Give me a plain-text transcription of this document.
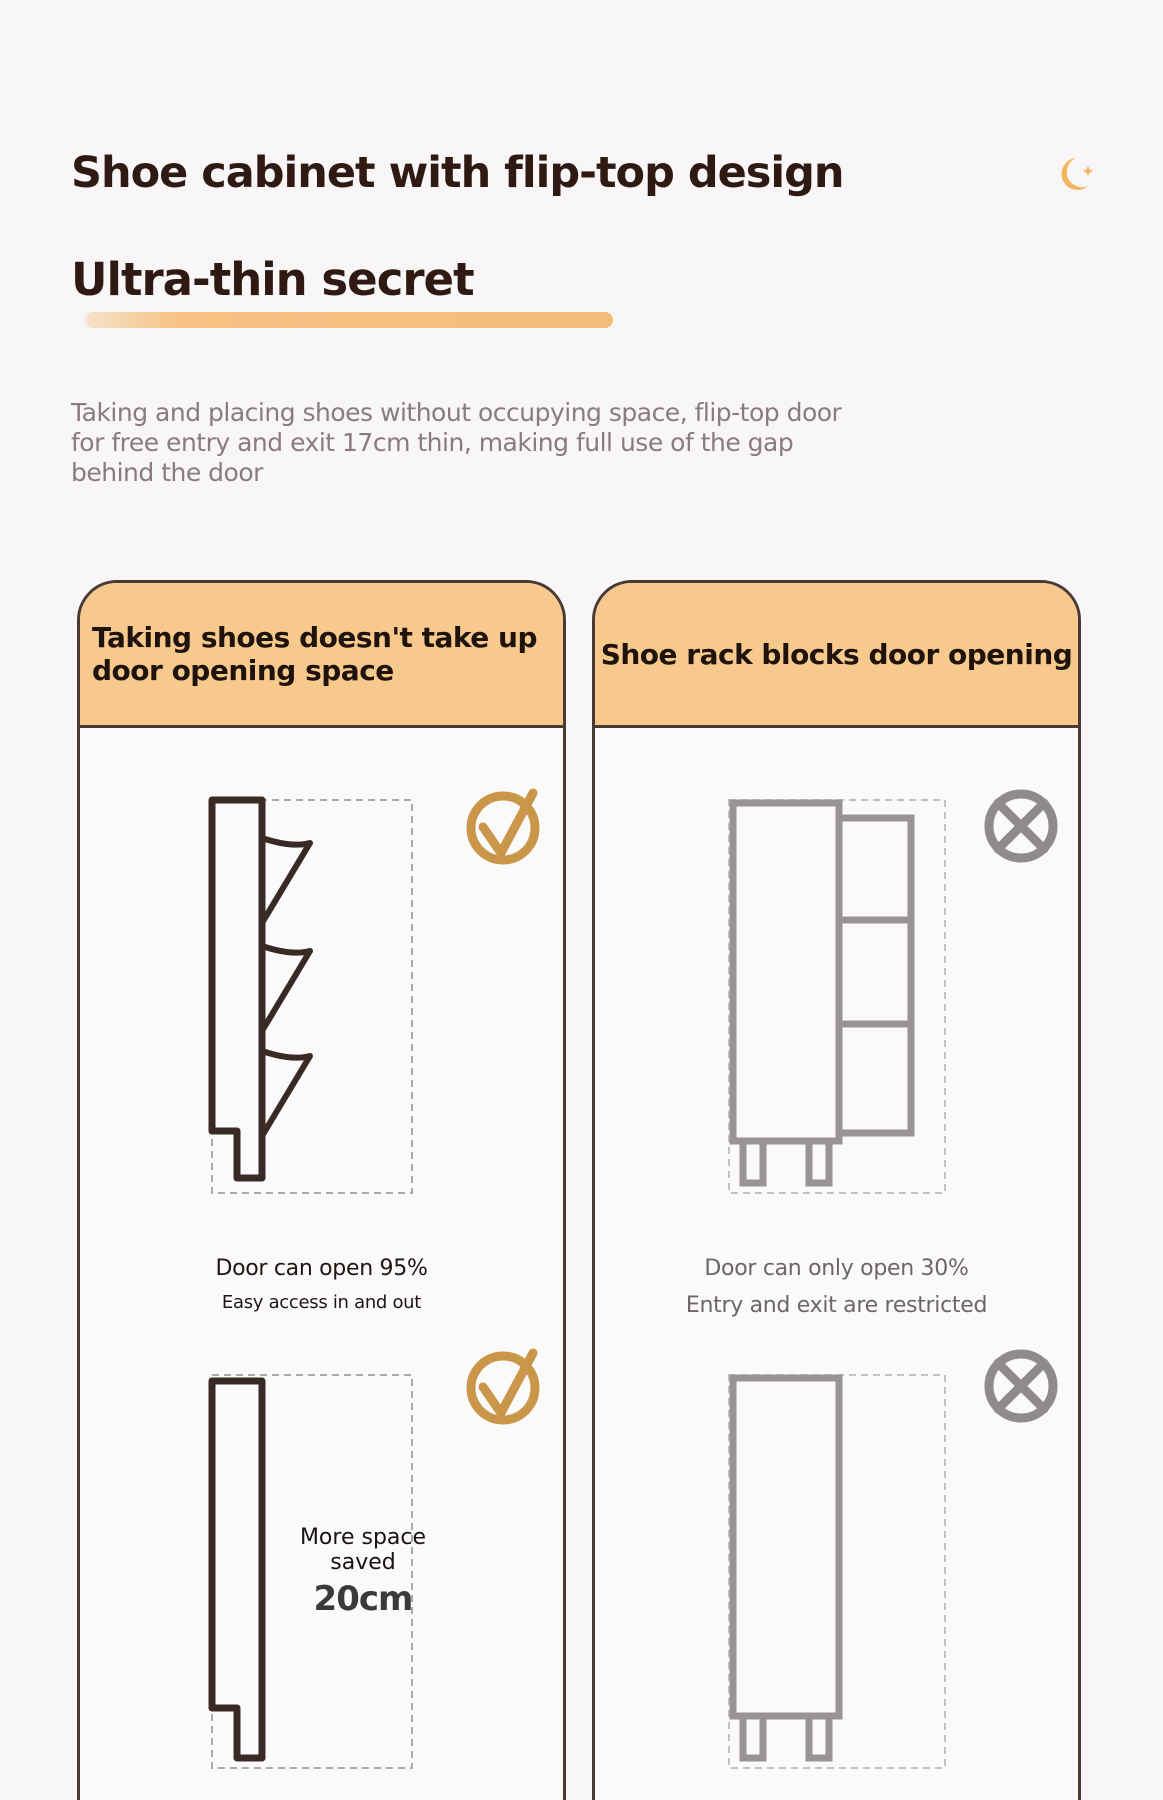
Shoe cabinet with flip-top design
Ultra-thin secret
Taking and placing shoes without occupying space, flip-top door for free entry and exit 17cm thin, making full use of the gap behind the door
Taking shoes doesn't take up door opening space
Door can open 95%
Easy access in and out
More space saved
20cm
Shoe rack blocks door opening
Door can only open 30%
Entry and exit are restricted
